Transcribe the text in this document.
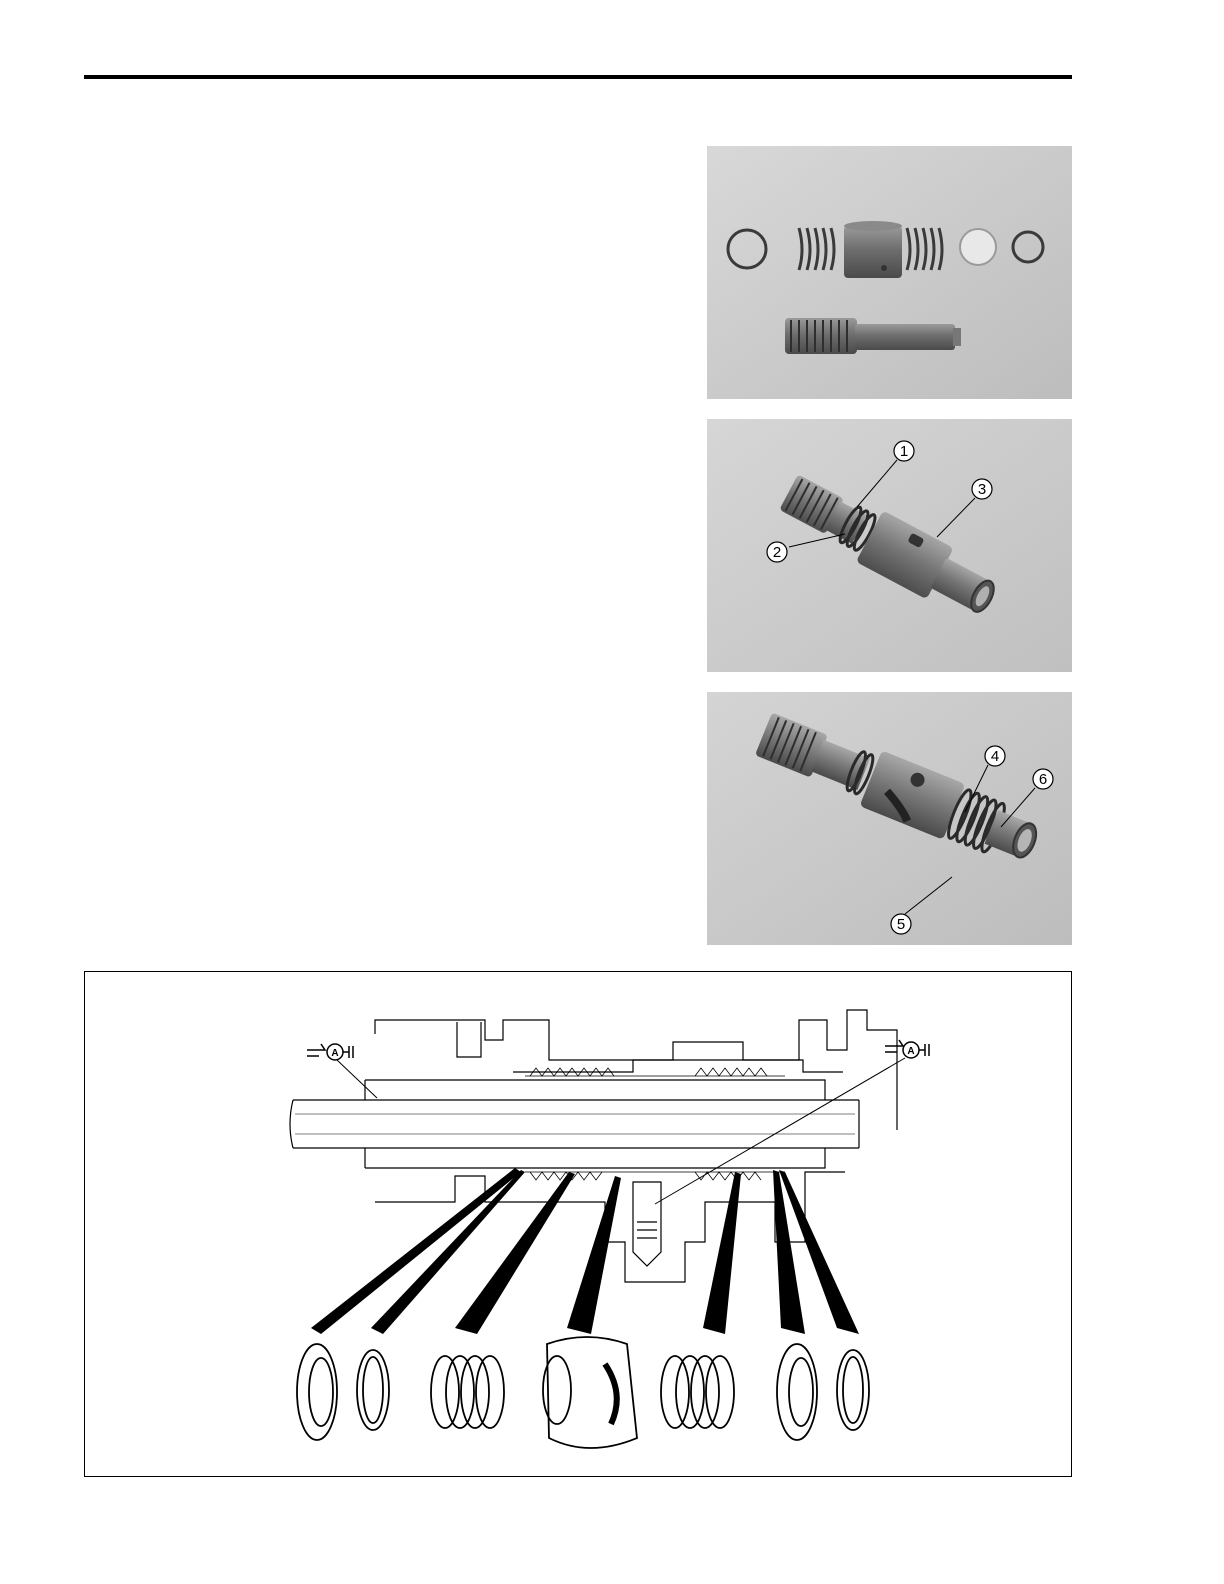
1
3
2
4
6
5
A	A
